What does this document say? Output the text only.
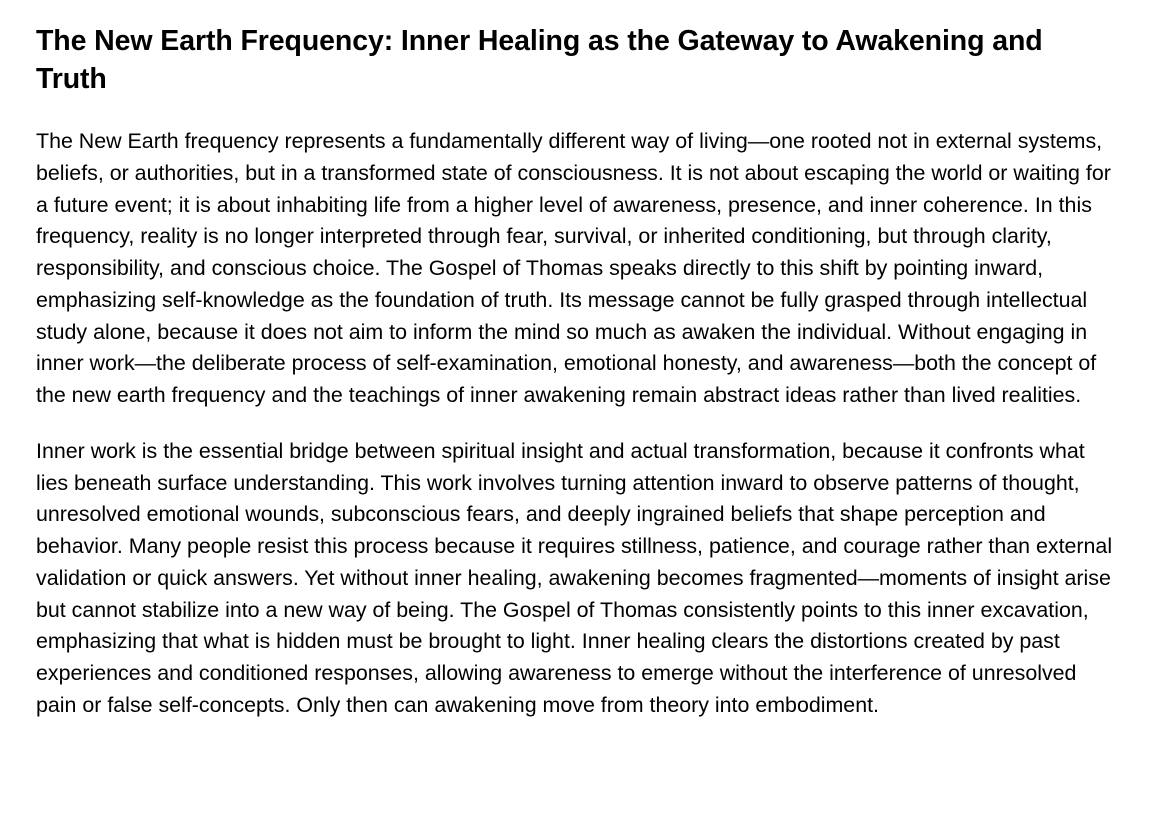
The New Earth Frequency: Inner Healing as the Gateway to Awakening and Truth

The New Earth frequency represents a fundamentally different way of living—one rooted not in external systems, beliefs, or authorities, but in a transformed state of consciousness. It is not about escaping the world or waiting for a future event; it is about inhabiting life from a higher level of awareness, presence, and inner coherence. In this frequency, reality is no longer interpreted through fear, survival, or inherited conditioning, but through clarity, responsibility, and conscious choice. The Gospel of Thomas speaks directly to this shift by pointing inward, emphasizing self-knowledge as the foundation of truth. Its message cannot be fully grasped through intellectual study alone, because it does not aim to inform the mind so much as awaken the individual. Without engaging in inner work—the deliberate process of self-examination, emotional honesty, and awareness—both the concept of the new earth frequency and the teachings of inner awakening remain abstract ideas rather than lived realities.

Inner work is the essential bridge between spiritual insight and actual transformation, because it confronts what lies beneath surface understanding. This work involves turning attention inward to observe patterns of thought, unresolved emotional wounds, subconscious fears, and deeply ingrained beliefs that shape perception and behavior. Many people resist this process because it requires stillness, patience, and courage rather than external validation or quick answers. Yet without inner healing, awakening becomes fragmented—moments of insight arise but cannot stabilize into a new way of being. The Gospel of Thomas consistently points to this inner excavation, emphasizing that what is hidden must be brought to light. Inner healing clears the distortions created by past experiences and conditioned responses, allowing awareness to emerge without the interference of unresolved pain or false self-concepts. Only then can awakening move from theory into embodiment.
